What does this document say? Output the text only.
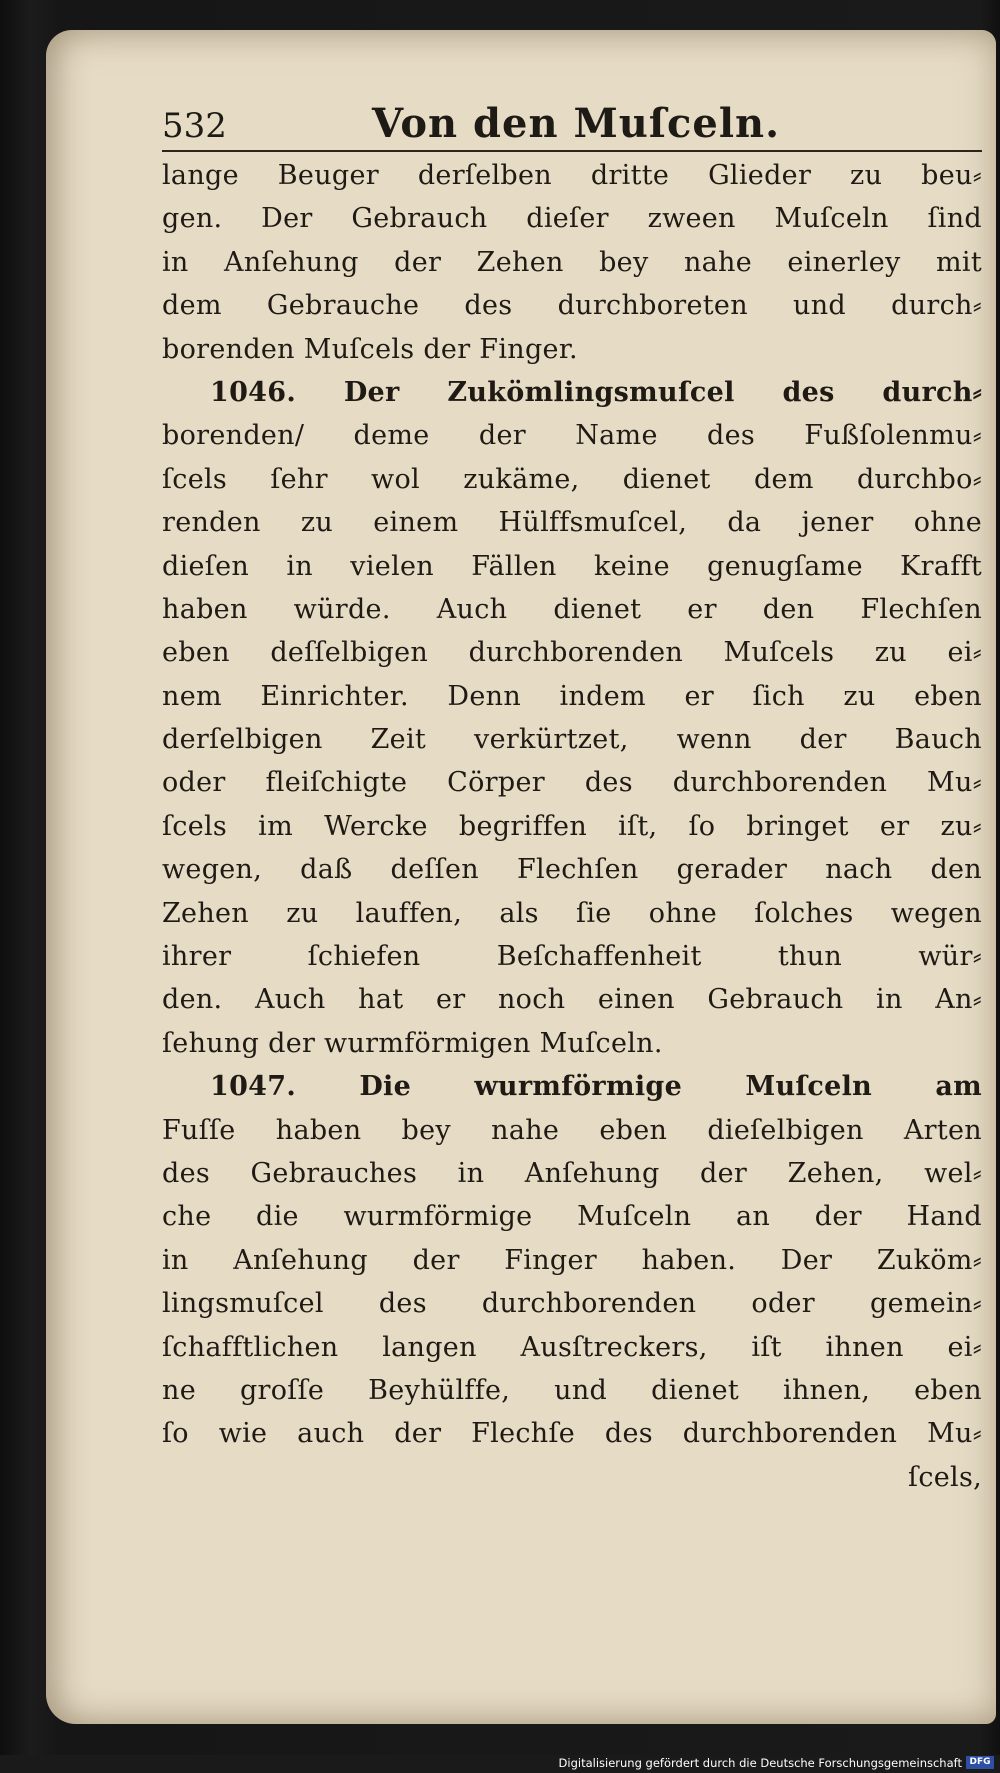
532	Von den Muſceln.
lange Beuger derſelben dritte Glieder zu beu⸗
gen. Der Gebrauch dieſer zween Muſceln ſind
in Anſehung der Zehen bey nahe einerley mit
dem Gebrauche des durchboreten und durch⸗
borenden Muſcels der Finger.
1046. Der Zukömlingsmuſcel des durch⸗
borenden/ deme der Name des Fußſolenmu⸗
ſcels ſehr wol zukäme, dienet dem durchbo⸗
renden zu einem Hülffsmuſcel, da jener ohne
dieſen in vielen Fällen keine genugſame Krafft
haben würde. Auch dienet er den Flechſen
eben deſſelbigen durchborenden Muſcels zu ei⸗
nem Einrichter. Denn indem er ſich zu eben
derſelbigen Zeit verkürtzet, wenn der Bauch
oder fleiſchigte Cörper des durchborenden Mu⸗
ſcels im Wercke begriffen iſt, ſo bringet er zu⸗
wegen, daß deſſen Flechſen gerader nach den
Zehen zu lauffen, als ſie ohne ſolches wegen
ihrer ſchiefen Beſchaffenheit thun wür⸗
den. Auch hat er noch einen Gebrauch in An⸗
ſehung der wurmförmigen Muſceln.
1047. Die wurmförmige Muſceln am
Fuſſe haben bey nahe eben dieſelbigen Arten
des Gebrauches in Anſehung der Zehen, wel⸗
che die wurmförmige Muſceln an der Hand
in Anſehung der Finger haben. Der Zuköm⸗
lingsmuſcel des durchborenden oder gemein⸗
ſchafftlichen langen Ausſtreckers, iſt ihnen ei⸗
ne groſſe Beyhülffe, und dienet ihnen, eben
ſo wie auch der Flechſe des durchborenden Mu⸗
ſcels,
Digitalisierung gefördert durch die Deutsche Forschungsgemeinschaft DFG
